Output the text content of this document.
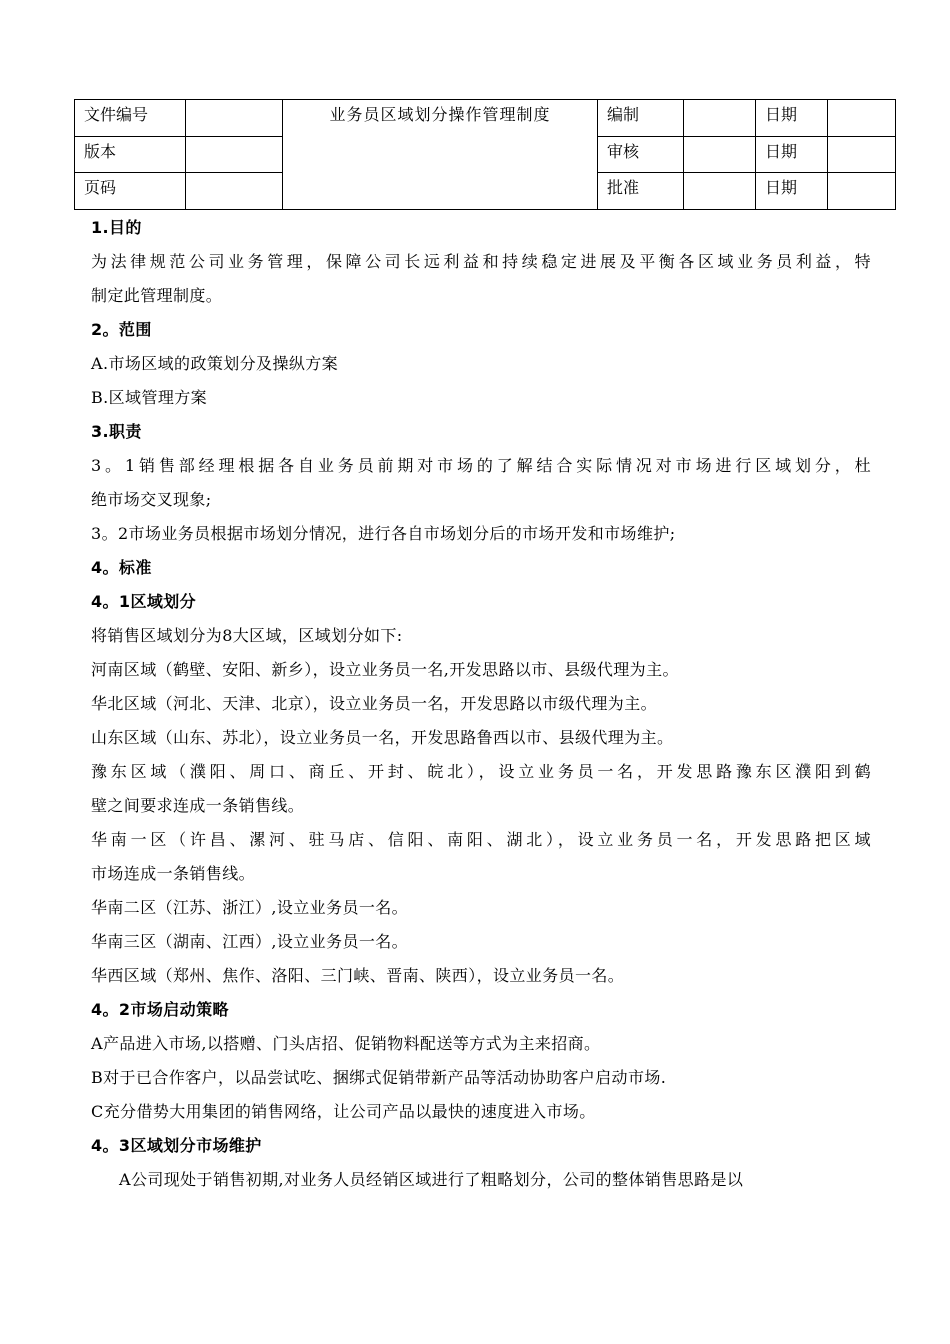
文件编号		业务员区域划分操作管理制度	编制		日期	
版本			审核		日期	
页码			批准		日期	
1.目的
为法律规范公司业务管理，保障公司长远利益和持续稳定进展及平衡各区域业务员利益，特
制定此管理制度。
2。范围
A.市场区域的政策划分及操纵方案
B.区域管理方案
3.职责
3。1销售部经理根据各自业务员前期对市场的了解结合实际情况对市场进行区域划分，杜
绝市场交叉现象;
3。2市场业务员根据市场划分情况，进行各自市场划分后的市场开发和市场维护;
4。标准
4。1区域划分
将销售区域划分为8大区域，区域划分如下:
河南区域（鹤壁、安阳、新乡），设立业务员一名,开发思路以市、县级代理为主。
华北区域（河北、天津、北京），设立业务员一名，开发思路以市级代理为主。
山东区域（山东、苏北），设立业务员一名，开发思路鲁西以市、县级代理为主。
豫东区域（濮阳、周口、商丘、开封、皖北），设立业务员一名，开发思路豫东区濮阳到鹤
壁之间要求连成一条销售线。
华南一区（许昌、漯河、驻马店、信阳、南阳、湖北），设立业务员一名，开发思路把区域
市场连成一条销售线。
华南二区（江苏、浙江）,设立业务员一名。
华南三区（湖南、江西）,设立业务员一名。
华西区域（郑州、焦作、洛阳、三门峡、晋南、陕西），设立业务员一名。
4。2市场启动策略
A产品进入市场,以搭赠、门头店招、促销物料配送等方式为主来招商。
B对于已合作客户，以品尝试吃、捆绑式促销带新产品等活动协助客户启动市场.
C充分借势大用集团的销售网络，让公司产品以最快的速度进入市场。
4。3区域划分市场维护
A公司现处于销售初期,对业务人员经销区域进行了粗略划分，公司的整体销售思路是以
